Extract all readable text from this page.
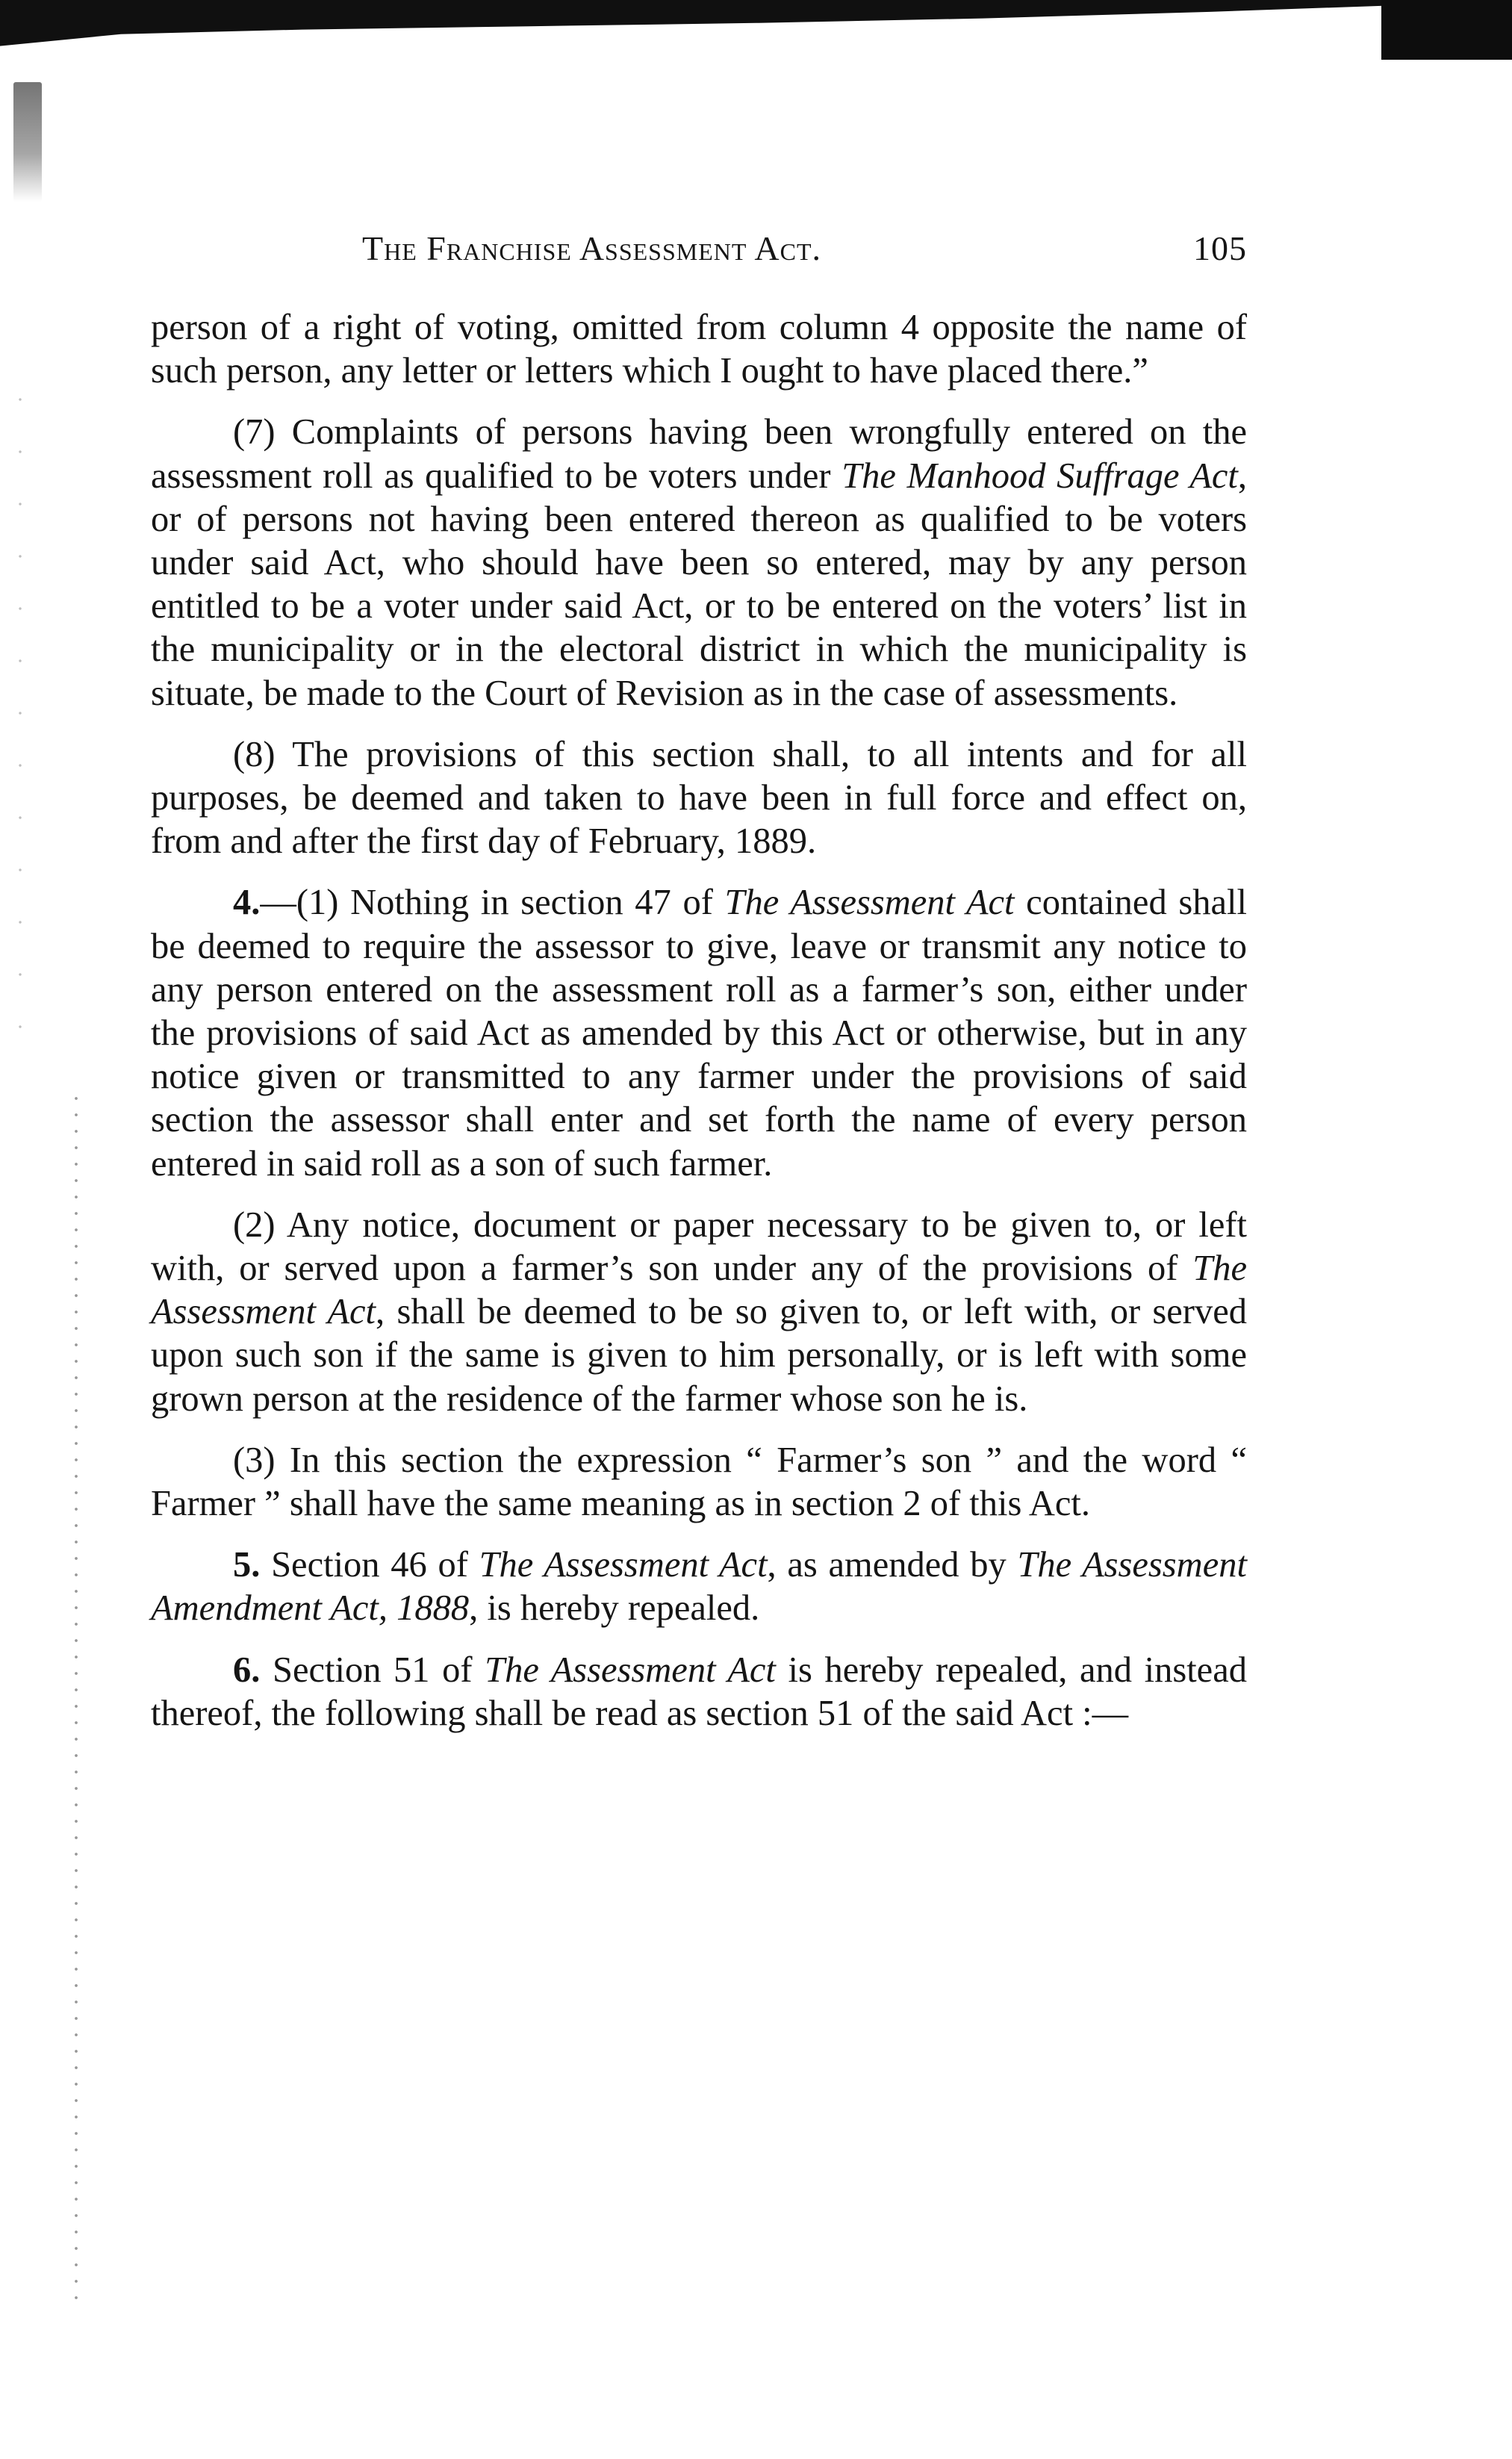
The Franchise Assessment Act.	105

person of a right of voting, omitted from column 4 opposite the name of such person, any letter or letters which I ought to have placed there.”

(7) Complaints of persons having been wrongfully entered on the assessment roll as qualified to be voters under The Manhood Suffrage Act, or of persons not having been entered thereon as qualified to be voters under said Act, who should have been so entered, may by any person entitled to be a voter under said Act, or to be entered on the voters’ list in the municipality or in the electoral district in which the municipality is situate, be made to the Court of Revision as in the case of assessments.

(8) The provisions of this section shall, to all intents and for all purposes, be deemed and taken to have been in full force and effect on, from and after the first day of February, 1889.

4.—(1) Nothing in section 47 of The Assessment Act contained shall be deemed to require the assessor to give, leave or transmit any notice to any person entered on the assessment roll as a farmer’s son, either under the provisions of said Act as amended by this Act or otherwise, but in any notice given or transmitted to any farmer under the provisions of said section the assessor shall enter and set forth the name of every person entered in said roll as a son of such farmer.

(2) Any notice, document or paper necessary to be given to, or left with, or served upon a farmer’s son under any of the provisions of The Assessment Act, shall be deemed to be so given to, or left with, or served upon such son if the same is given to him personally, or is left with some grown person at the residence of the farmer whose son he is.

(3) In this section the expression “ Farmer’s son ” and the word “ Farmer ” shall have the same meaning as in section 2 of this Act.

5. Section 46 of The Assessment Act, as amended by The Assessment Amendment Act, 1888, is hereby repealed.

6. Section 51 of The Assessment Act is hereby repealed, and instead thereof, the following shall be read as section 51 of the said Act :—
